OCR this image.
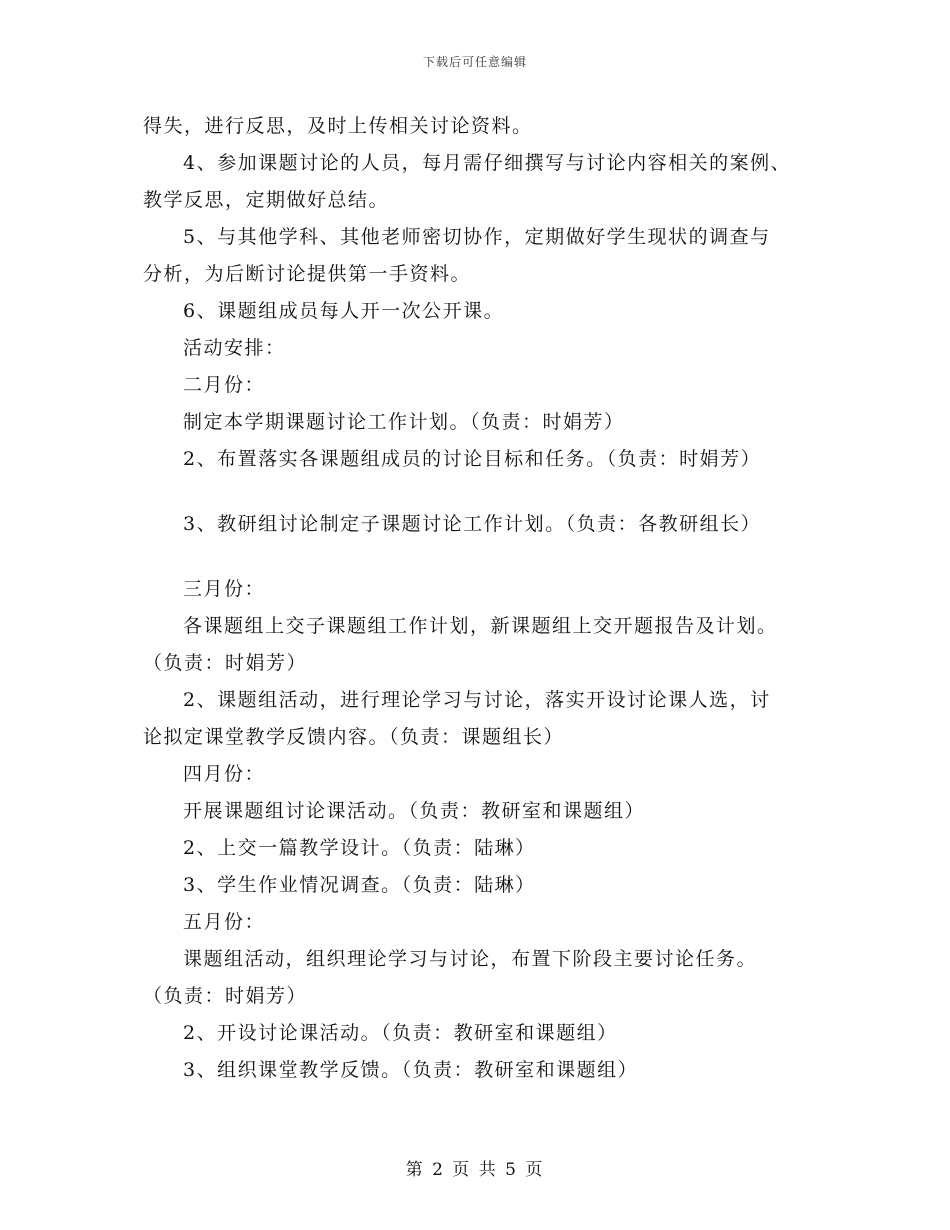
下载后可任意编辑
得失，进行反思，及时上传相关讨论资料。
4、参加课题讨论的人员，每月需仔细撰写与讨论内容相关的案例、
教学反思，定期做好总结。
5、与其他学科、其他老师密切协作，定期做好学生现状的调查与
分析，为后断讨论提供第一手资料。
6、课题组成员每人开一次公开课。
活动安排：
二月份：
制定本学期课题讨论工作计划。（负责：时娟芳）
2、布置落实各课题组成员的讨论目标和任务。（负责：时娟芳）
3、教研组讨论制定子课题讨论工作计划。（负责：各教研组长）
三月份：
各课题组上交子课题组工作计划，新课题组上交开题报告及计划。
（负责：时娟芳）
2、课题组活动，进行理论学习与讨论，落实开设讨论课人选，讨
论拟定课堂教学反馈内容。（负责：课题组长）
四月份：
开展课题组讨论课活动。（负责：教研室和课题组）
2、上交一篇教学设计。（负责：陆琳）
3、学生作业情况调查。（负责：陆琳）
五月份：
课题组活动，组织理论学习与讨论，布置下阶段主要讨论任务。
（负责：时娟芳）
2、开设讨论课活动。（负责：教研室和课题组）
3、组织课堂教学反馈。（负责：教研室和课题组）
第 2 页 共 5 页
